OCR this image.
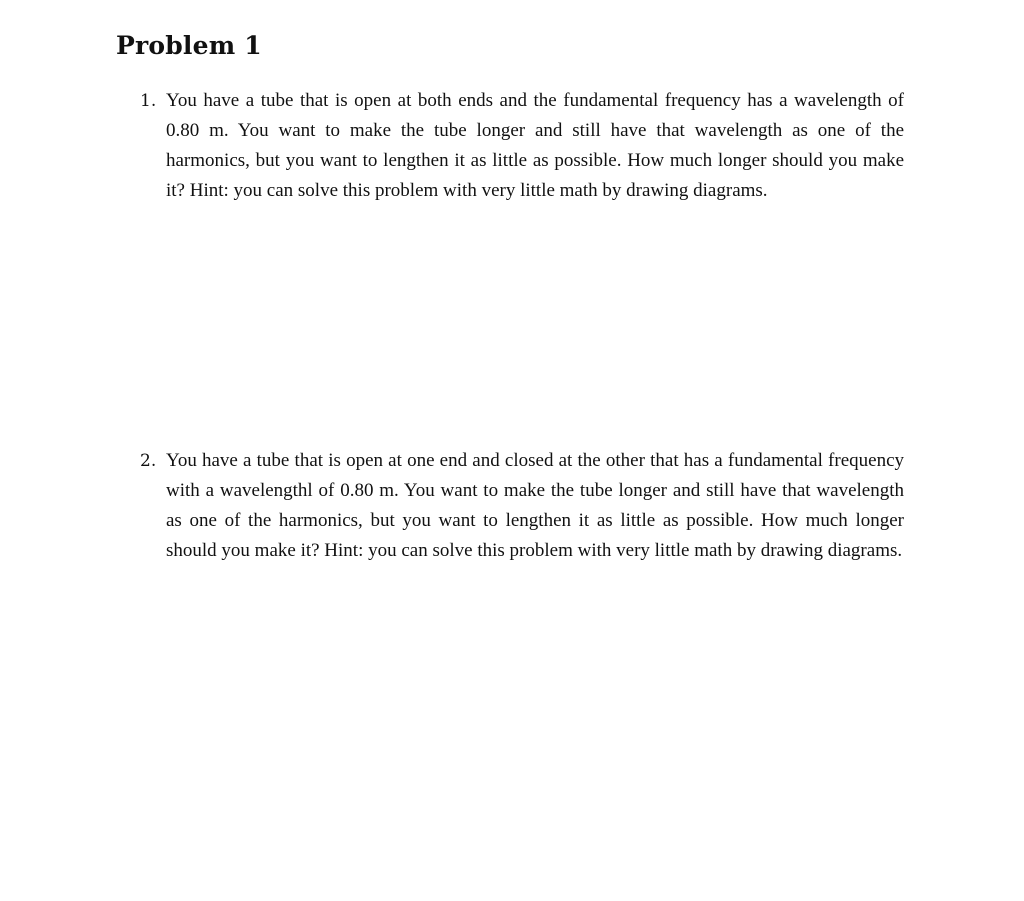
Problem 1
1. You have a tube that is open at both ends and the fundamental frequency has a wavelength of 0.80 m. You want to make the tube longer and still have that wavelength as one of the harmonics, but you want to lengthen it as little as possible. How much longer should you make it? Hint: you can solve this problem with very little math by drawing diagrams.

2. You have a tube that is open at one end and closed at the other that has a fundamental frequency with a wavelengthl of 0.80 m. You want to make the tube longer and still have that wavelength as one of the harmonics, but you want to lengthen it as little as possible. How much longer should you make it? Hint: you can solve this problem with very little math by drawing diagrams.
